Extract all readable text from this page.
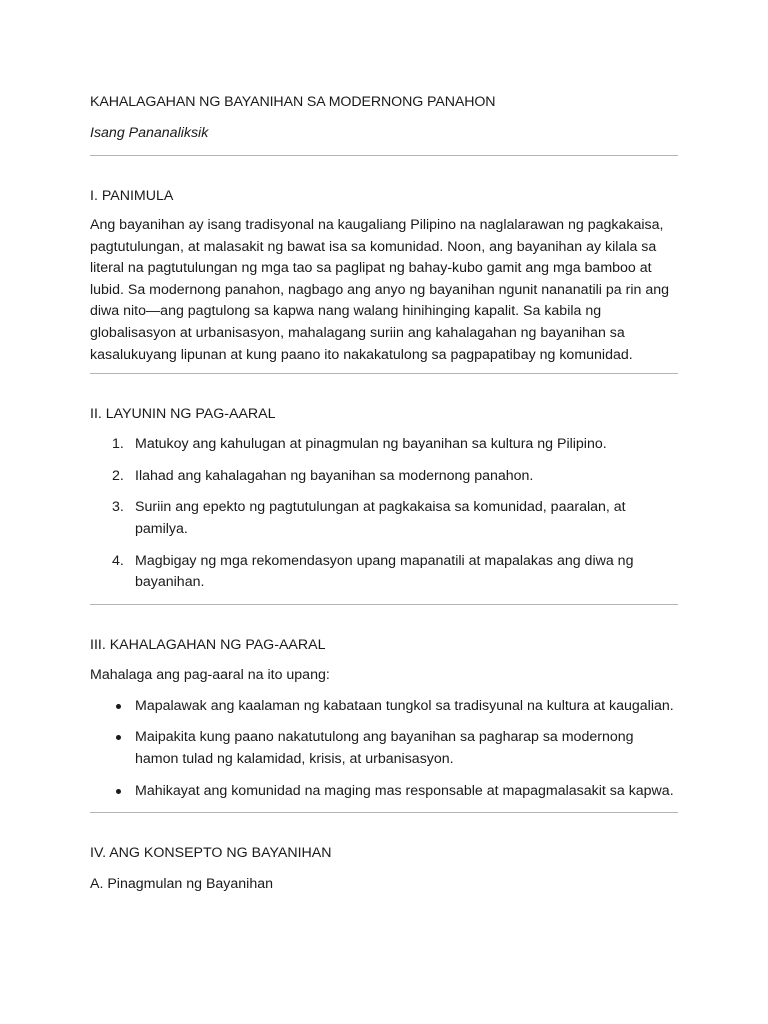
KAHALAGAHAN NG BAYANIHAN SA MODERNONG PANAHON

Isang Pananaliksik

I. PANIMULA

Ang bayanihan ay isang tradisyonal na kaugaliang Pilipino na naglalarawan ng pagkakaisa, pagtutulungan, at malasakit ng bawat isa sa komunidad. Noon, ang bayanihan ay kilala sa literal na pagtutulungan ng mga tao sa paglipat ng bahay-kubo gamit ang mga bamboo at lubid. Sa modernong panahon, nagbago ang anyo ng bayanihan ngunit nananatili pa rin ang diwa nito—ang pagtulong sa kapwa nang walang hinihinging kapalit. Sa kabila ng globalisasyon at urbanisasyon, mahalagang suriin ang kahalagahan ng bayanihan sa kasalukuyang lipunan at kung paano ito nakakatulong sa pagpapatibay ng komunidad.

II. LAYUNIN NG PAG-AARAL
1. Matukoy ang kahulugan at pinagmulan ng bayanihan sa kultura ng Pilipino.
2. Ilahad ang kahalagahan ng bayanihan sa modernong panahon.
3. Suriin ang epekto ng pagtutulungan at pagkakaisa sa komunidad, paaralan, at pamilya.
4. Magbigay ng mga rekomendasyon upang mapanatili at mapalakas ang diwa ng bayanihan.
III. KAHALAGAHAN NG PAG-AARAL

Mahalaga ang pag-aaral na ito upang:

Mapalawak ang kaalaman ng kabataan tungkol sa tradisyunal na kultura at kaugalian.
Maipakita kung paano nakatutulong ang bayanihan sa pagharap sa modernong hamon tulad ng kalamidad, krisis, at urbanisasyon.
Mahikayat ang komunidad na maging mas responsable at mapagmalasakit sa kapwa.
IV. ANG KONSEPTO NG BAYANIHAN

A. Pinagmulan ng Bayanihan
